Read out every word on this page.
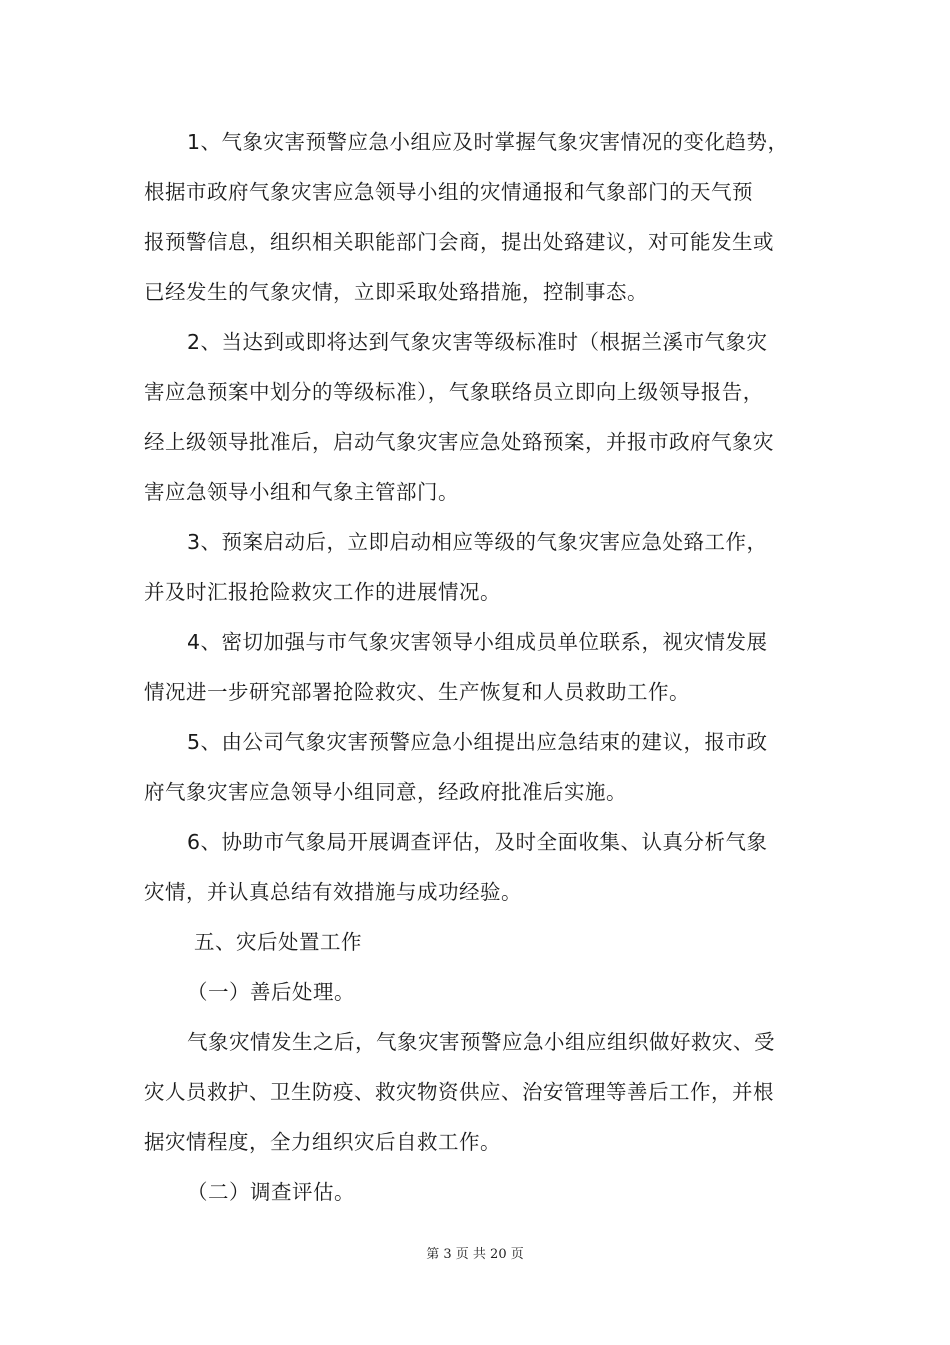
1、气象灾害预警应急小组应及时掌握气象灾害情况的变化趋势，
根据市政府气象灾害应急领导小组的灾情通报和气象部门的天气预
报预警信息，组织相关职能部门会商，提出处臵建议，对可能发生或
已经发生的气象灾情，立即采取处臵措施，控制事态。
2、当达到或即将达到气象灾害等级标准时（根据兰溪市气象灾
害应急预案中划分的等级标准），气象联络员立即向上级领导报告，
经上级领导批准后，启动气象灾害应急处臵预案，并报市政府气象灾
害应急领导小组和气象主管部门。
3、预案启动后，立即启动相应等级的气象灾害应急处臵工作，
并及时汇报抢险救灾工作的进展情况。
4、密切加强与市气象灾害领导小组成员单位联系，视灾情发展
情况进一步研究部署抢险救灾、生产恢复和人员救助工作。
5、由公司气象灾害预警应急小组提出应急结束的建议，报市政
府气象灾害应急领导小组同意，经政府批准后实施。
6、协助市气象局开展调查评估，及时全面收集、认真分析气象
灾情，并认真总结有效措施与成功经验。
五、灾后处置工作
（一）善后处理。
气象灾情发生之后，气象灾害预警应急小组应组织做好救灾、受
灾人员救护、卫生防疫、救灾物资供应、治安管理等善后工作，并根
据灾情程度，全力组织灾后自救工作。
（二）调查评估。
第 3 页 共 20 页
